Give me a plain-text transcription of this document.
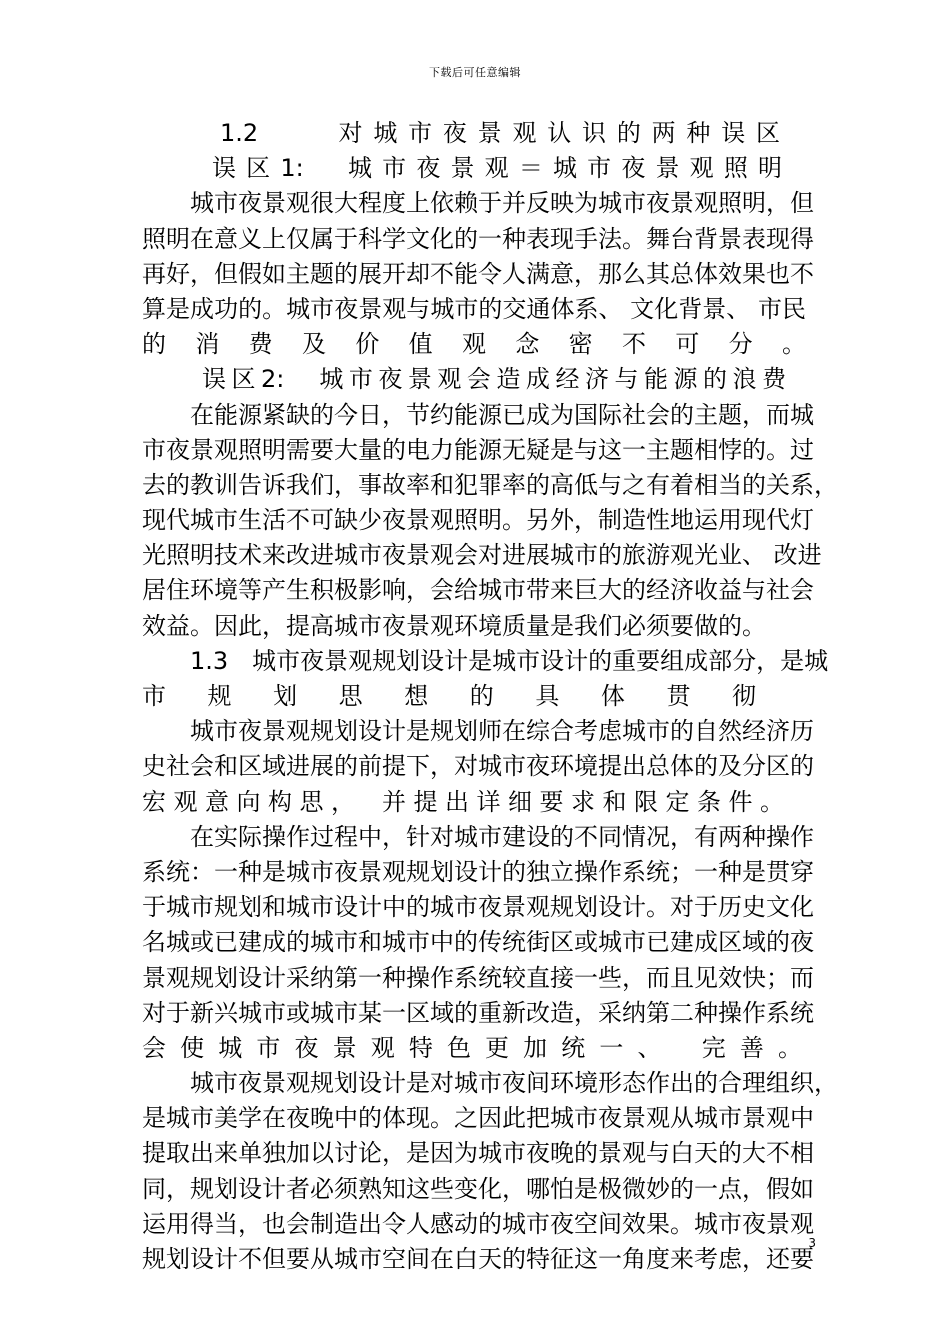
下载后可任意编辑
1.2　　对城市夜景观认识的两种误区
误区1:　城市夜景观＝城市夜景观照明
城市夜景观很大程度上依赖于并反映为城市夜景观照明，但
照明在意义上仅属于科学文化的一种表现手法。舞台背景表现得
再好，但假如主题的展开却不能令人满意，那么其总体效果也不
算是成功的。城市夜景观与城市的交通体系、 文化背景、 市民
的消费及价值观念密不可分。
误区2:　城市夜景观会造成经济与能源的浪费
在能源紧缺的今日，节约能源已成为国际社会的主题，而城
市夜景观照明需要大量的电力能源无疑是与这一主题相悖的。过
去的教训告诉我们，事故率和犯罪率的高低与之有着相当的关系，
现代城市生活不可缺少夜景观照明。另外，制造性地运用现代灯
光照明技术来改进城市夜景观会对进展城市的旅游观光业、 改进
居住环境等产生积极影响，会给城市带来巨大的经济收益与社会
效益。因此，提高城市夜景观环境质量是我们必须要做的。
1.3　城市夜景观规划设计是城市设计的重要组成部分，是城
市规划思想的具体贯彻
城市夜景观规划设计是规划师在综合考虑城市的自然经济历
史社会和区域进展的前提下，对城市夜环境提出总体的及分区的
宏观意向构思，　并提出详细要求和限定条件。
在实际操作过程中，针对城市建设的不同情况，有两种操作
系统：一种是城市夜景观规划设计的独立操作系统；一种是贯穿
于城市规划和城市设计中的城市夜景观规划设计。对于历史文化
名城或已建成的城市和城市中的传统街区或城市已建成区域的夜
景观规划设计采纳第一种操作系统较直接一些，而且见效快；而
对于新兴城市或城市某一区域的重新改造，采纳第二种操作系统
会使城市夜景观特色更加统一、　完善。
城市夜景观规划设计是对城市夜间环境形态作出的合理组织，
是城市美学在夜晚中的体现。之因此把城市夜景观从城市景观中
提取出来单独加以讨论，是因为城市夜晚的景观与白天的大不相
同，规划设计者必须熟知这些变化，哪怕是极微妙的一点，假如
运用得当，也会制造出令人感动的城市夜空间效果。城市夜景观
规划设计不但要从城市空间在白天的特征这一角度来考虑，还要
3
